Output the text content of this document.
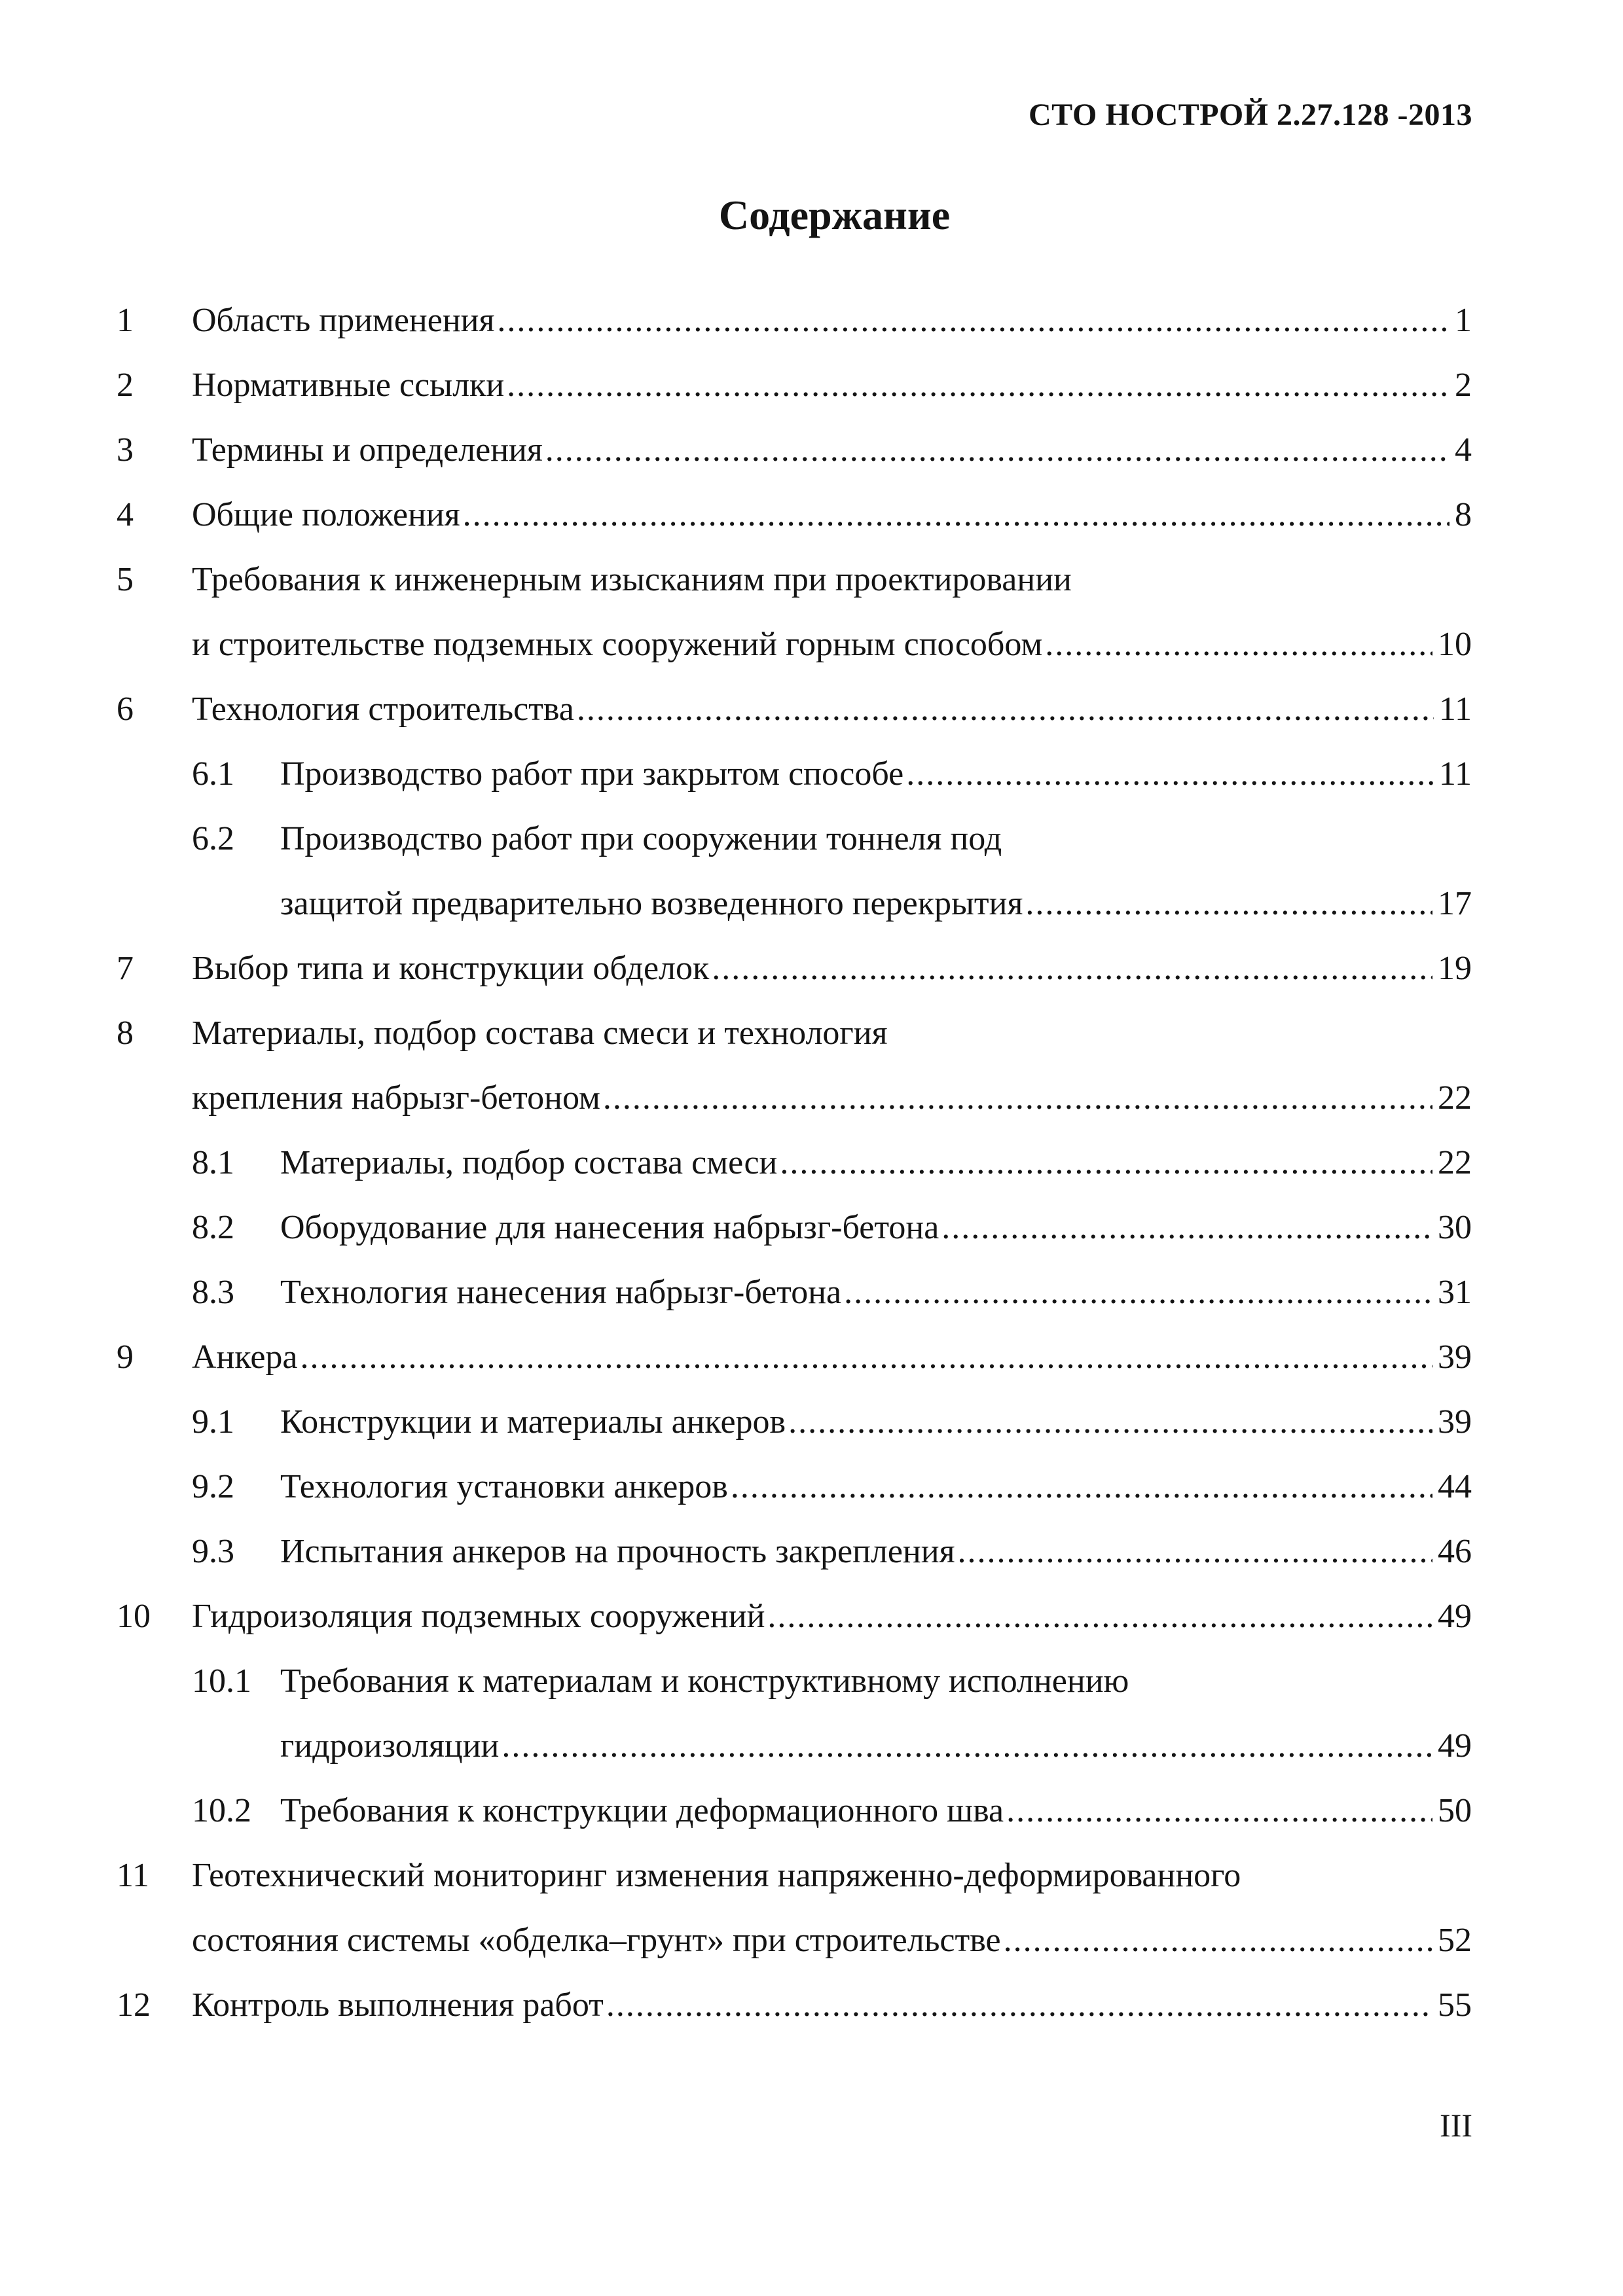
СТО НОСТРОЙ 2.27.128 -2013
Содержание
1 Область применения .....	1
2 Нормативные ссылки .....	2
3 Термины и определения .....	4
4 Общие положения .....	8
5 Требования к инженерным изысканиям при проектировании
и строительстве подземных сооружений горным способом .....	10
6 Технология строительства .....	11
6.1 Производство работ при закрытом способе .....	11
6.2 Производство работ при сооружении тоннеля под
защитой предварительно возведенного перекрытия .....	17
7 Выбор типа и конструкции обделок .....	19
8 Материалы, подбор состава смеси и технология
крепления набрызг-бетоном .....	22
8.1 Материалы, подбор состава смеси .....	22
8.2 Оборудование для нанесения набрызг-бетона .....	30
8.3 Технология нанесения набрызг-бетона .....	31
9 Анкера .....	39
9.1 Конструкции и материалы анкеров .....	39
9.2 Технология установки анкеров .....	44
9.3 Испытания анкеров на прочность закрепления .....	46
10 Гидроизоляция подземных сооружений .....	49
10.1 Требования к материалам и конструктивному исполнению
гидроизоляции .....	49
10.2 Требования к конструкции деформационного шва .....	50
11 Геотехнический мониторинг изменения напряженно-деформированного
состояния системы «обделка–грунт» при строительстве .....	52
12 Контроль выполнения работ .....	55
III
